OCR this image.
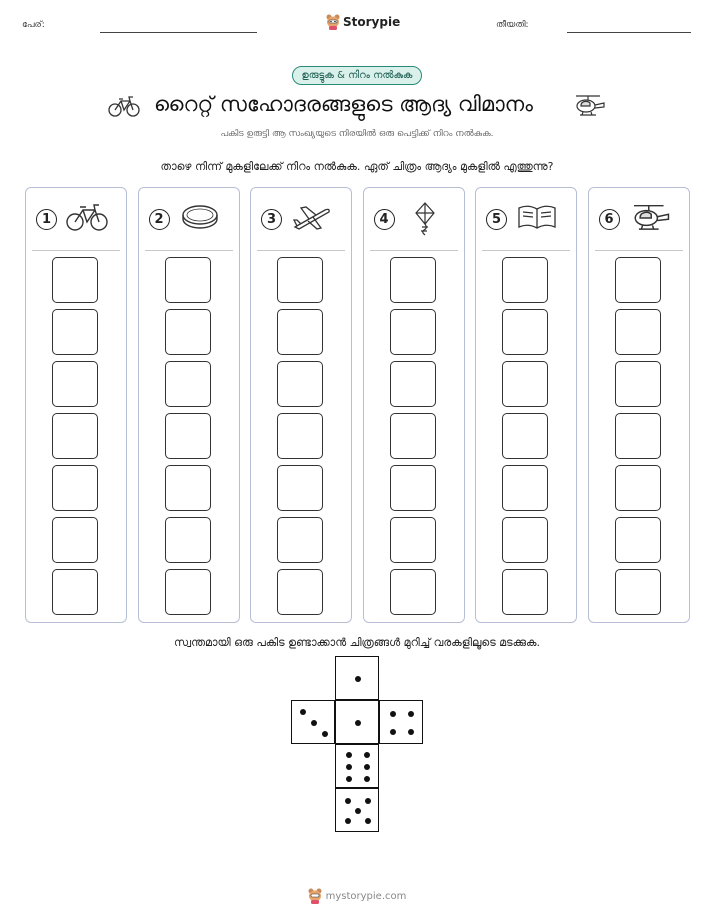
പേര്:	Storypie	തീയതി:
ഉരുട്ടുക & നിറം നൽകുക
റൈറ്റ് സഹോദരങ്ങളുടെ ആദ്യ വിമാനം
പകിട ഉരുട്ടി ആ സംഖ്യയുടെ നിരയിൽ ഒരു പെട്ടിക്ക് നിറം നൽകുക.
താഴെ നിന്ന് മുകളിലേക്ക് നിറം നൽകുക. ഏത് ചിത്രം ആദ്യം മുകളിൽ എത്തുന്നു?
1	2	3	4	5	6
സ്വന്തമായി ഒരു പകിട ഉണ്ടാക്കാൻ ചിത്രങ്ങൾ മുറിച്ച് വരകളിലൂടെ മടക്കുക.
mystorypie.com
